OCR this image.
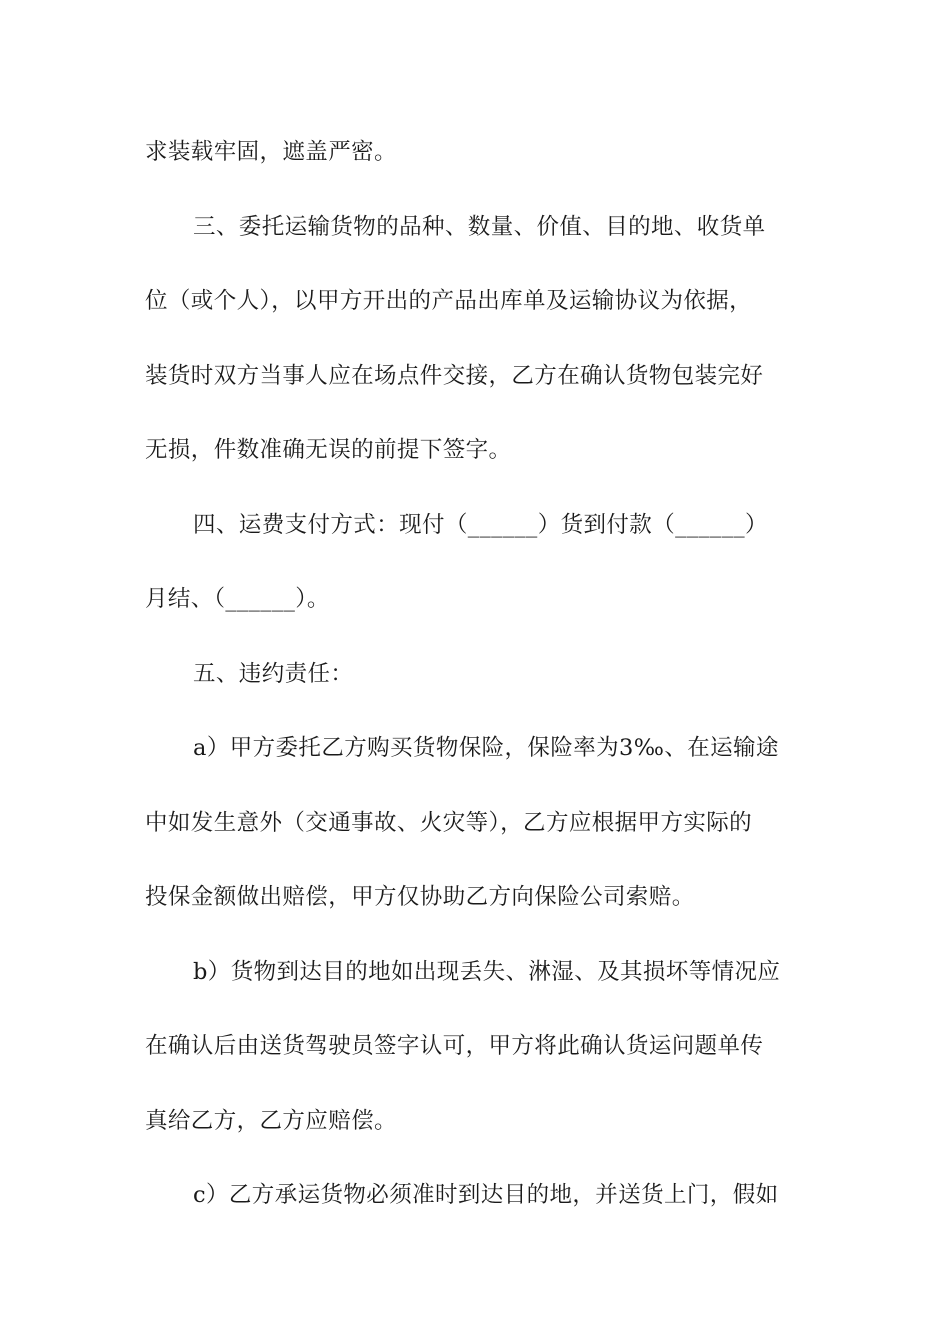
求装载牢固，遮盖严密。
三、委托运输货物的品种、数量、价值、目的地、收货单
位（或个人），以甲方开出的产品出库单及运输协议为依据，
装货时双方当事人应在场点件交接，乙方在确认货物包装完好
无损，件数准确无误的前提下签字。
四、运费支付方式：现付（______）货到付款（______）
月结、（______）。
五、违约责任：
a）甲方委托乙方购买货物保险，保险率为3‰、在运输途
中如发生意外（交通事故、火灾等），乙方应根据甲方实际的
投保金额做出赔偿，甲方仅协助乙方向保险公司索赔。
b）货物到达目的地如出现丢失、淋湿、及其损坏等情况应
在确认后由送货驾驶员签字认可，甲方将此确认货运问题单传
真给乙方，乙方应赔偿。
c）乙方承运货物必须准时到达目的地，并送货上门，假如
